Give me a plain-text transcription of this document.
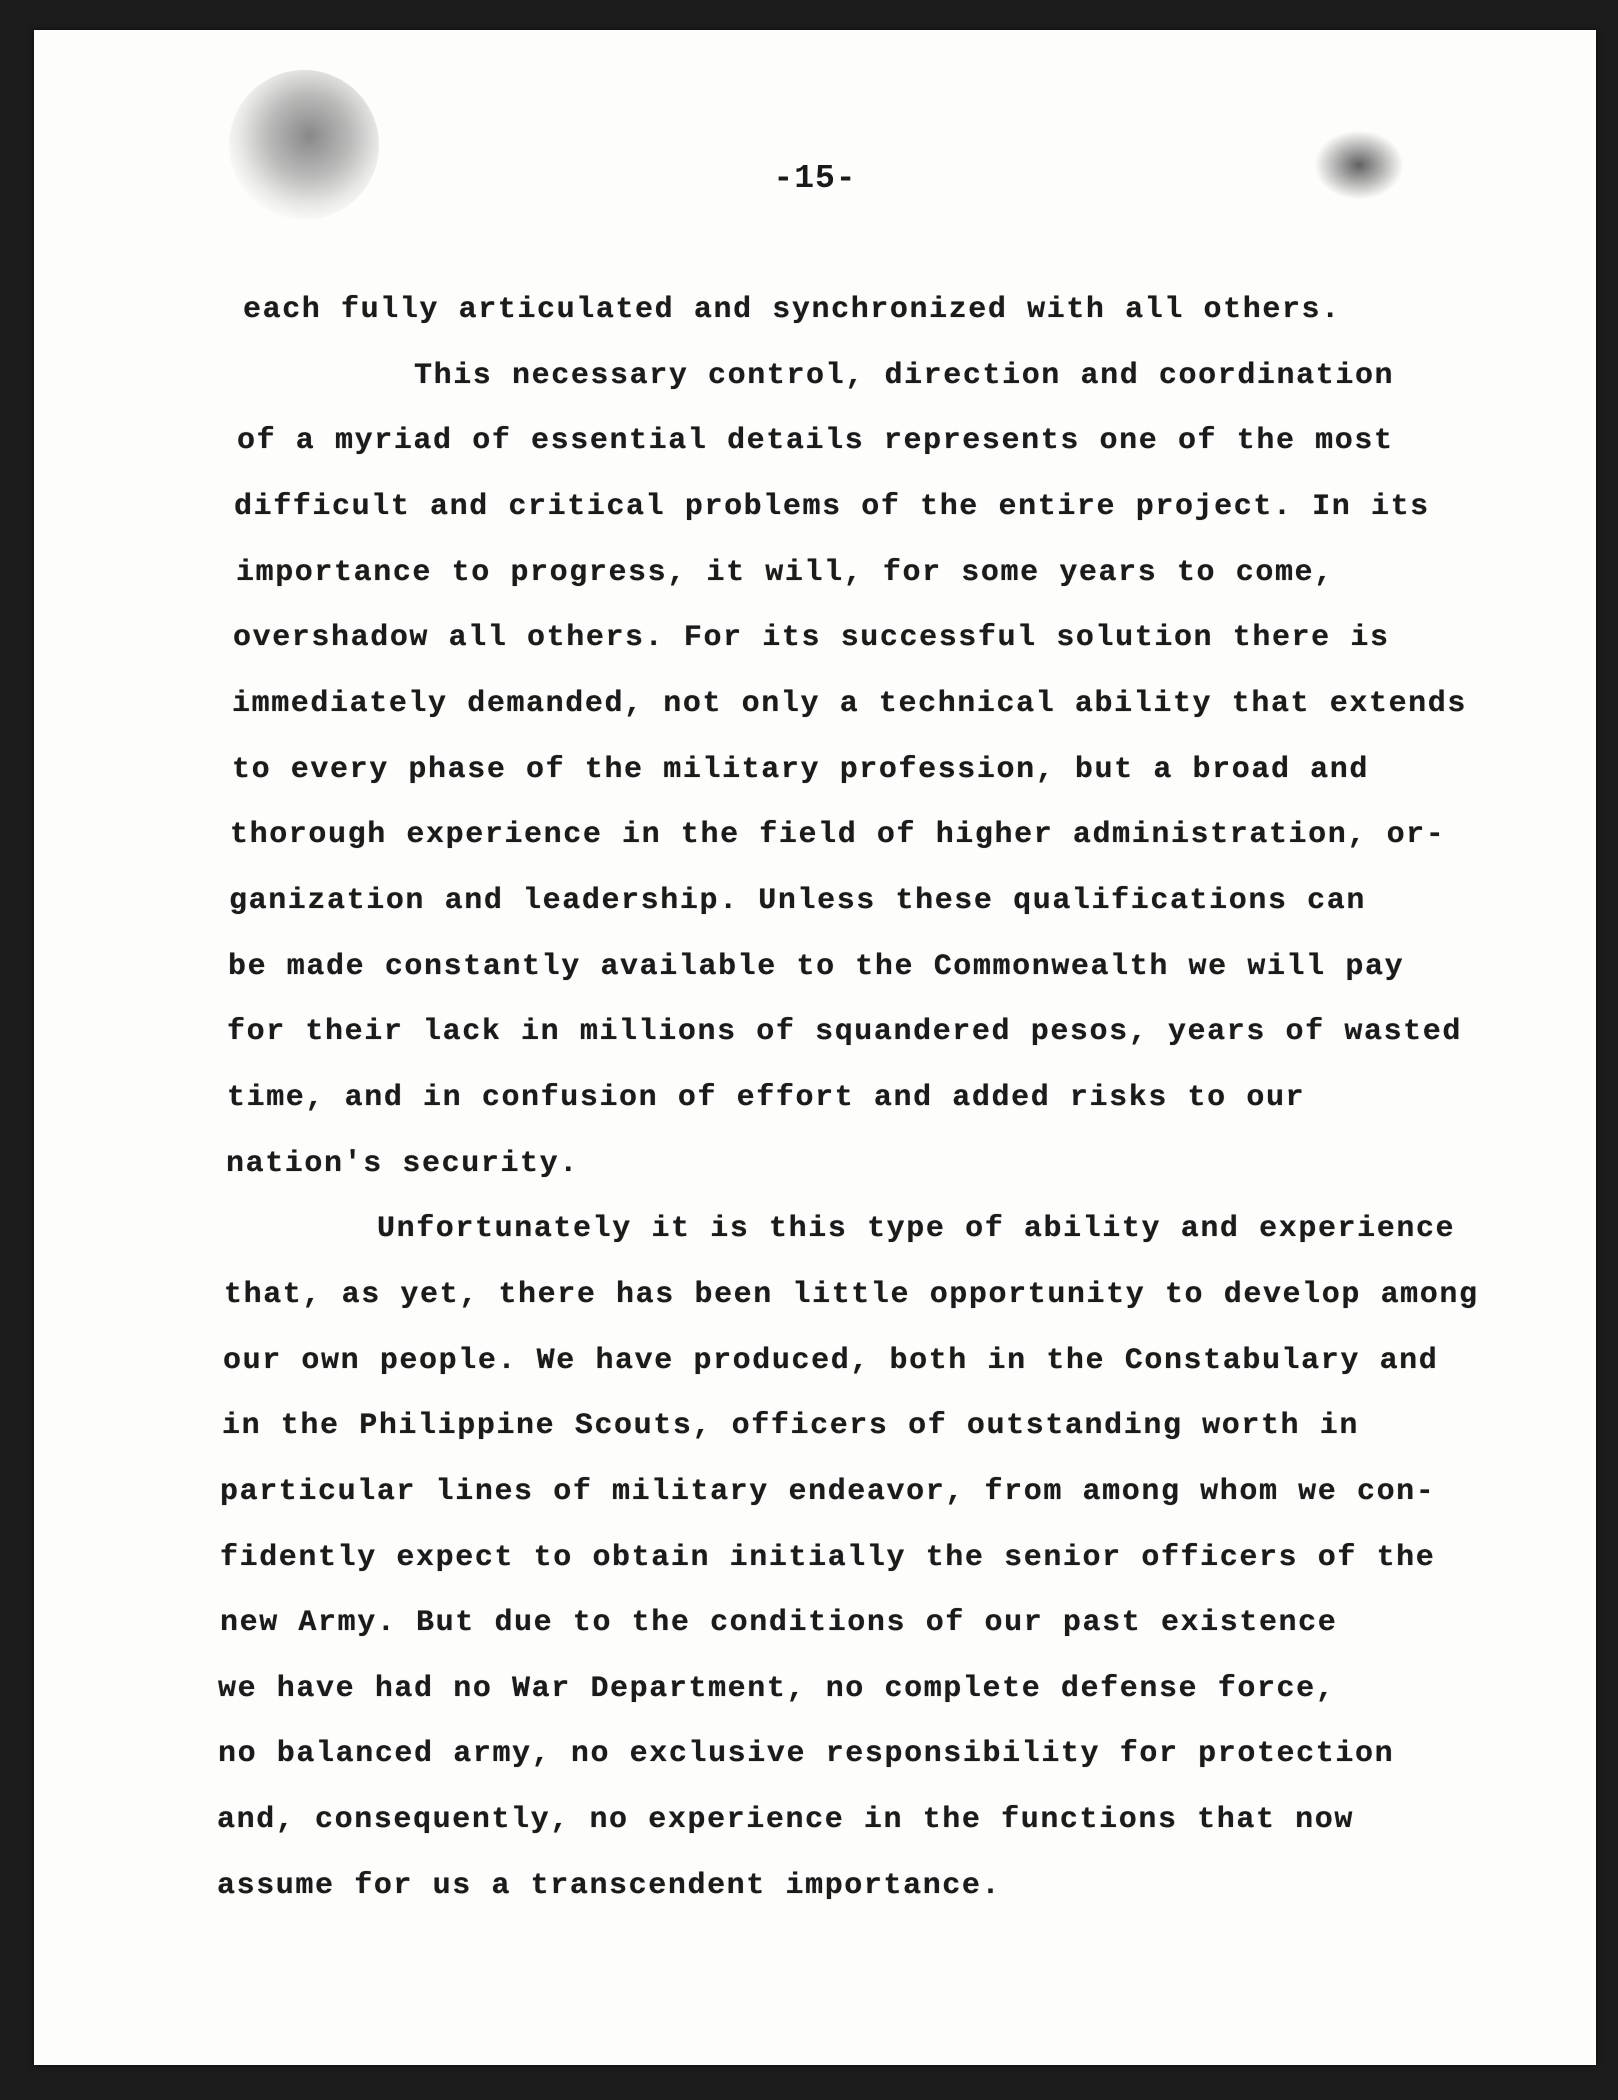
-15-
each fully articulated and synchronized with all others.
This necessary control, direction and coordination
of a myriad of essential details represents one of the most
difficult and critical problems of the entire project. In its
importance to progress, it will, for some years to come,
overshadow all others. For its successful solution there is
immediately demanded, not only a technical ability that extends
to every phase of the military profession, but a broad and
thorough experience in the field of higher administration, or-
ganization and leadership. Unless these qualifications can
be made constantly available to the Commonwealth we will pay
for their lack in millions of squandered pesos, years of wasted
time, and in confusion of effort and added risks to our
nation's security.
Unfortunately it is this type of ability and experience
that, as yet, there has been little opportunity to develop among
our own people. We have produced, both in the Constabulary and
in the Philippine Scouts, officers of outstanding worth in
particular lines of military endeavor, from among whom we con-
fidently expect to obtain initially the senior officers of the
new Army. But due to the conditions of our past existence
we have had no War Department, no complete defense force,
no balanced army, no exclusive responsibility for protection
and, consequently, no experience in the functions that now
assume for us a transcendent importance.
